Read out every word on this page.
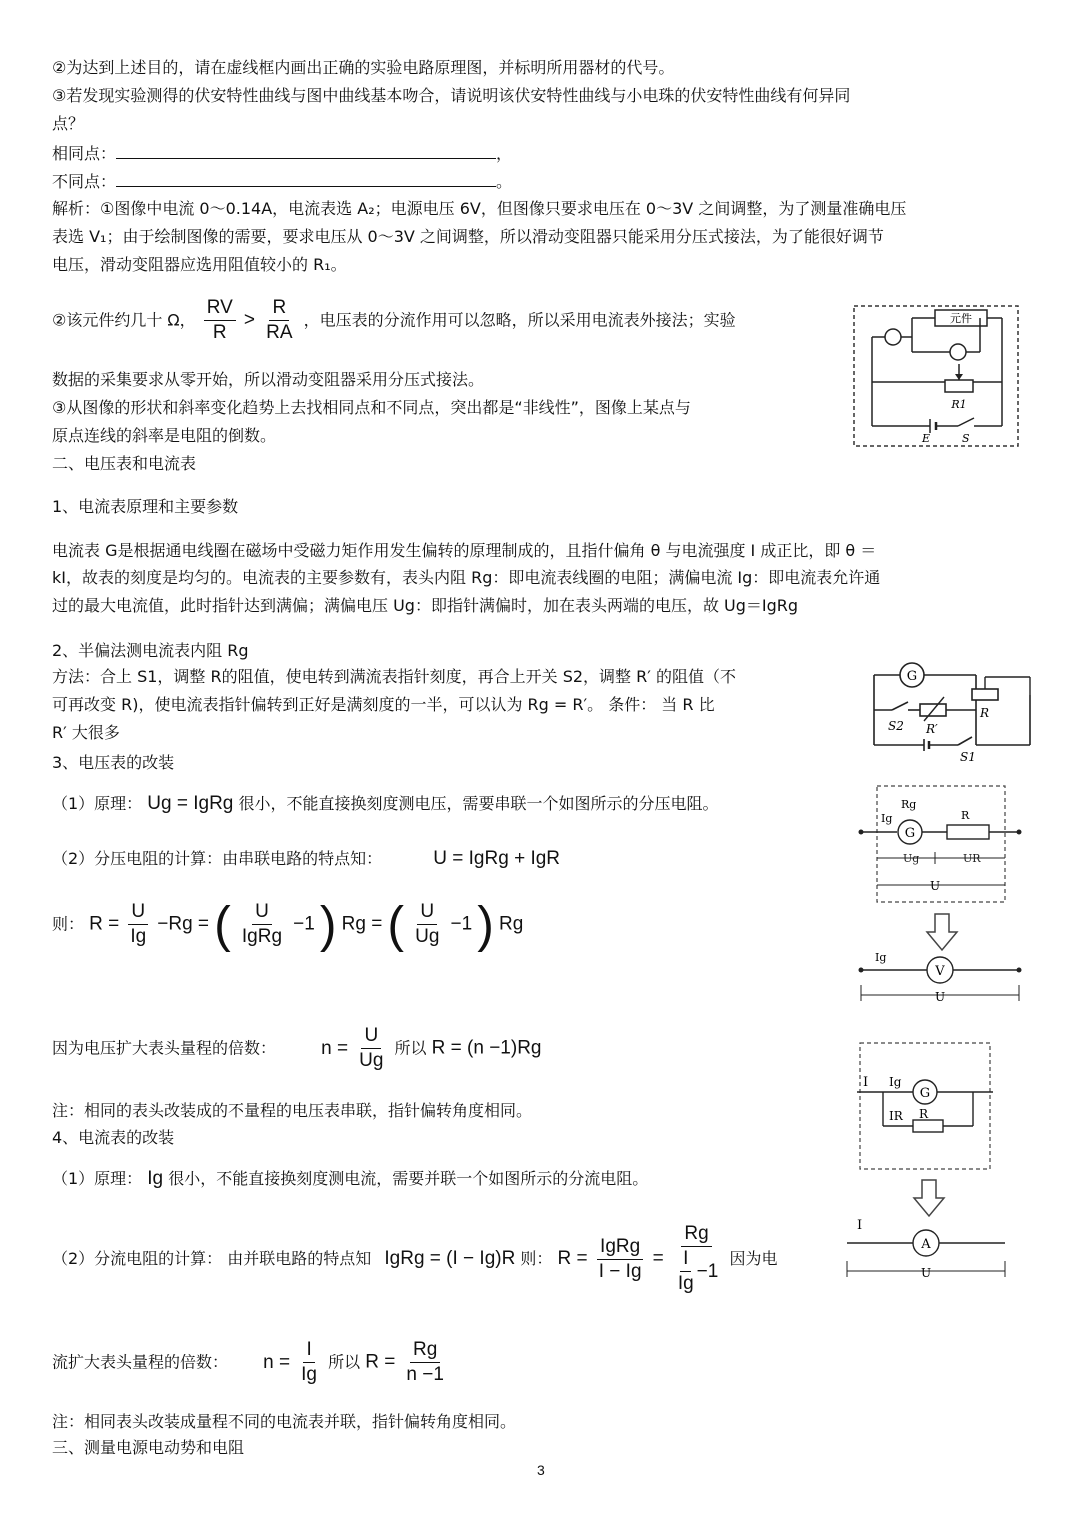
②为达到上述目的，请在虚线框内画出正确的实验电路原理图，并标明所用器材的代号。
③若发现实验测得的伏安特性曲线与图中曲线基本吻合，请说明该伏安特性曲线与小电珠的伏安特性曲线有何异同
点？
相同点：	，
不同点：	。
解析：①图像中电流 0～0.14A，电流表选 A₂；电源电压 6V，但图像只要求电压在 0～3V 之间调整，为了测量准确电压
表选 V₁；由于绘制图像的需要，要求电压从 0～3V 之间调整，所以滑动变阻器只能采用分压式接法，为了能很好调节
电压，滑动变阻器应选用阻值较小的 R₁。
②该元件约几十 Ω， $\frac{RV}{R} > \frac{R}{RA}$ ，电压表的分流作用可以忽略，所以采用电流表外接法；实验
数据的采集要求从零开始，所以滑动变阻器采用分压式接法。
③从图像的形状和斜率变化趋势上去找相同点和不同点，突出都是“非线性”，图像上某点与
原点连线的斜率是电阻的倒数。
二、电压表和电流表
1、电流表原理和主要参数
电流表 G是根据通电线圈在磁场中受磁力矩作用发生偏转的原理制成的，且指什偏角 θ 与电流强度 I 成正比，即 θ ＝
kI，故表的刻度是均匀的。电流表的主要参数有，表头内阻 Rg：即电流表线圈的电阻；满偏电流 Ig：即电流表允许通
过的最大电流值，此时指针达到满偏；满偏电压 Ug：即指针满偏时，加在表头两端的电压，故 Ug＝IgRg
2、半偏法测电流表内阻 Rg
方法：合上 S1，调整 R的阻值，使电转到满流表指针刻度，再合上开关 S2，调整 R′ 的阻值（不
可再改变 R)，使电流表指针偏转到正好是满刻度的一半，可以认为 Rg = R′。 条件： 当 R 比
R′ 大很多
3、电压表的改装
（1）原理： Ug = IgRg 很小，不能直接换刻度测电压，需要串联一个如图所示的分压电阻。
（2）分压电阻的计算：由串联电路的特点知：	U = IgRg + IgR
则： $R = \frac{U}{Ig} -Rg$ = ( $\frac{U}{\text{IgRg}} -1$ ) Rg = ( $\frac{U}{Ug} -1$ ) Rg
因为电压扩大表头量程的倍数： $n = \frac{U}{Ug}$ 所以 R = (n −1)Rg
注：相同的表头改装成的不量程的电压表串联，指针偏转角度相同。
4、电流表的改装
（1）原理： Ig 很小，不能直接换刻度测电流，需要并联一个如图所示的分流电阻。
（2）分流电阻的计算： 由并联电路的特点知 IgRg = (I − Ig)R 则： $R = \frac{\text{IgRg}}{I - Ig} = \frac{Rg}{\frac{I}{Ig} -1}$ 因为电
流扩大表头量程的倍数： $n = \frac{I}{Ig}$ 所以 $R = \frac{Rg}{n -1}$
注：相同表头改装成量程不同的电流表并联，指针偏转角度相同。
三、测量电源电动势和电阻
3
元件
R1
E	S
G
S2 R′
R
S1
G
Ig
Rg
R
Ug	UR
U
V
Ig
U
G
I Ig
IR R
I
A
U
